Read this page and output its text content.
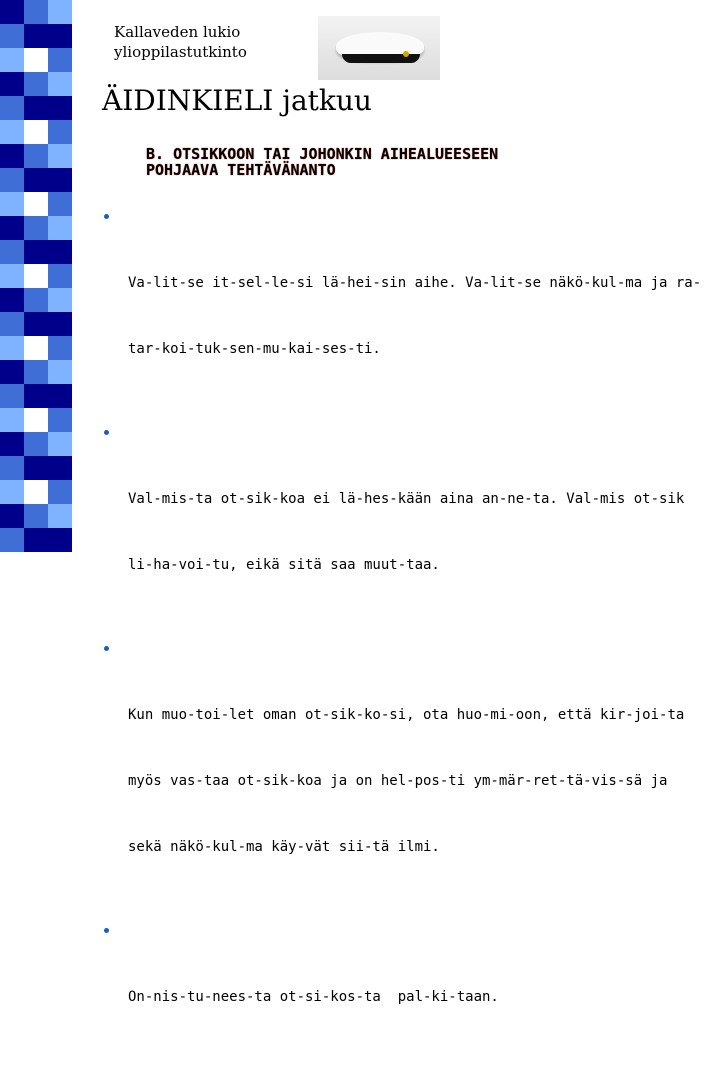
Kallaveden lukio
ylioppilastutkinto
ÄIDINKIELI jatkuu
B. OTSIKKOON TAI JOHONKIN AIHEALUEESEEN
POHJAAVA TEHTÄVÄNANTO

Va-lit-se it-sel-le-si lä-hei-sin aihe. Va-lit-se näkö-kul-ma ja ra-

tar-koi-tuk-sen-mu-kai-ses-ti.

Val-mis-ta ot-sik-koa ei lä-hes-kään aina an-ne-ta. Val-mis ot-sik

li-ha-voi-tu, eikä sitä saa muut-taa.

Kun muo-toi-let oman ot-sik-ko-si, ota huo-mi-oon, että kir-joi-ta

myös vas-taa ot-sik-koa ja on hel-pos-ti ym-mär-ret-tä-vis-sä ja

sekä näkö-kul-ma käy-vät sii-tä ilmi.

On-nis-tu-nees-ta ot-si-kos-ta  pal-ki-taan.
